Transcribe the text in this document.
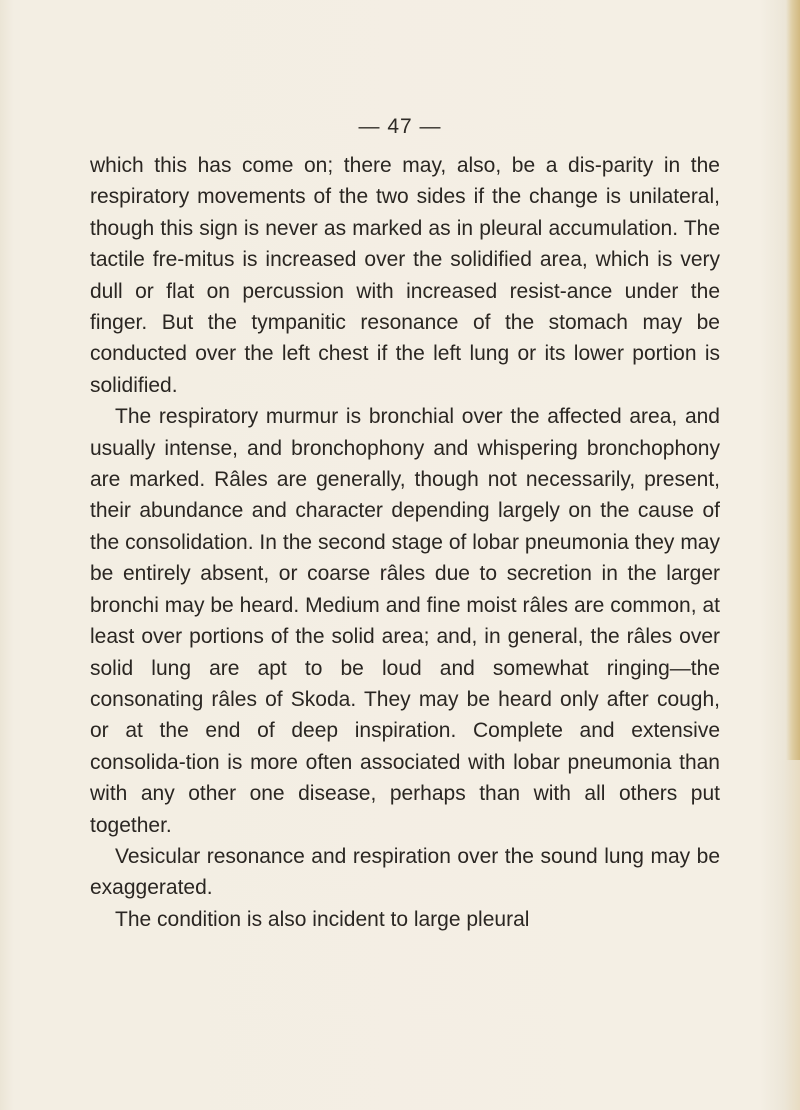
— 47 —

which this has come on; there may, also, be a dis-parity in the respiratory movements of the two sides if the change is unilateral, though this sign is never as marked as in pleural accumulation. The tactile fre-mitus is increased over the solidified area, which is very dull or flat on percussion with increased resist-ance under the finger. But the tympanitic resonance of the stomach may be conducted over the left chest if the left lung or its lower portion is solidified.

The respiratory murmur is bronchial over the affected area, and usually intense, and bronchophony and whispering bronchophony are marked. Râles are generally, though not necessarily, present, their abundance and character depending largely on the cause of the consolidation. In the second stage of lobar pneumonia they may be entirely absent, or coarse râles due to secretion in the larger bronchi may be heard. Medium and fine moist râles are common, at least over portions of the solid area; and, in general, the râles over solid lung are apt to be loud and somewhat ringing—the consonating râles of Skoda. They may be heard only after cough, or at the end of deep inspiration. Complete and extensive consolida-tion is more often associated with lobar pneumonia than with any other one disease, perhaps than with all others put together.

Vesicular resonance and respiration over the sound lung may be exaggerated.

The condition is also incident to large pleural
